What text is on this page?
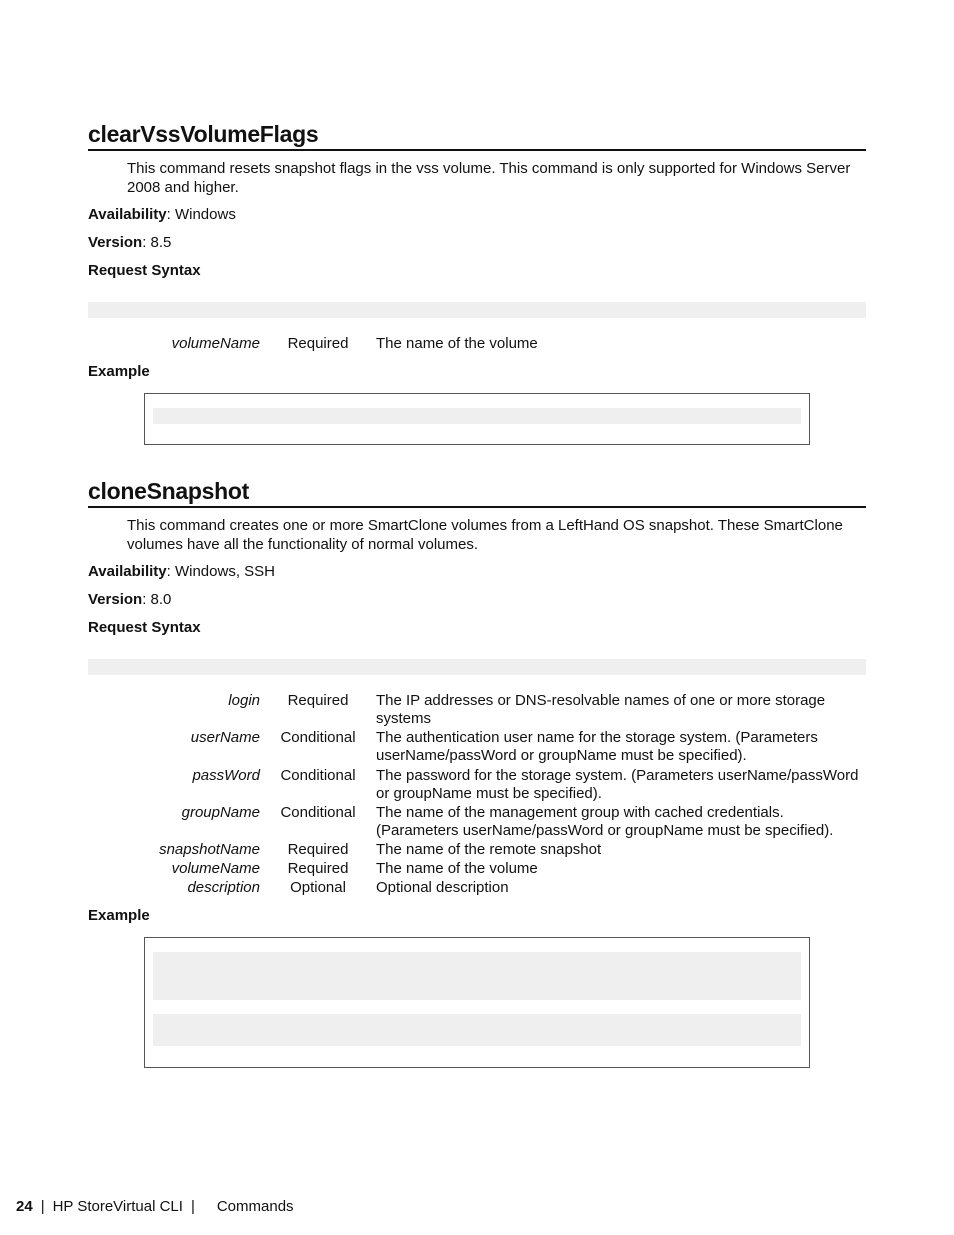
clearVssVolumeFlags
This command resets snapshot flags in the vss volume. This command is only supported for Windows Server 2008 and higher.
Availability: Windows
Version: 8.5
Request Syntax
volumeName	Required	The name of the volume
Example
cloneSnapshot
This command creates one or more SmartClone volumes from a LeftHand OS snapshot. These SmartClone volumes have all the functionality of normal volumes.
Availability: Windows, SSH
Version: 8.0
Request Syntax
login	Required	The IP addresses or DNS-resolvable names of one or more storage systems
userName Conditional The authentication user name for the storage system. (Parameters userName/passWord or groupName must be specified).
passWord Conditional The password for the storage system. (Parameters userName/passWord or groupName must be specified).
groupName Conditional The name of the management group with cached credentials. (Parameters userName/passWord or groupName must be specified).
snapshotName	Required	The name of the remote snapshot
volumeName	Required	The name of the volume
description	Optional	Optional description
Example
24 | HP StoreVirtual CLI | Commands
